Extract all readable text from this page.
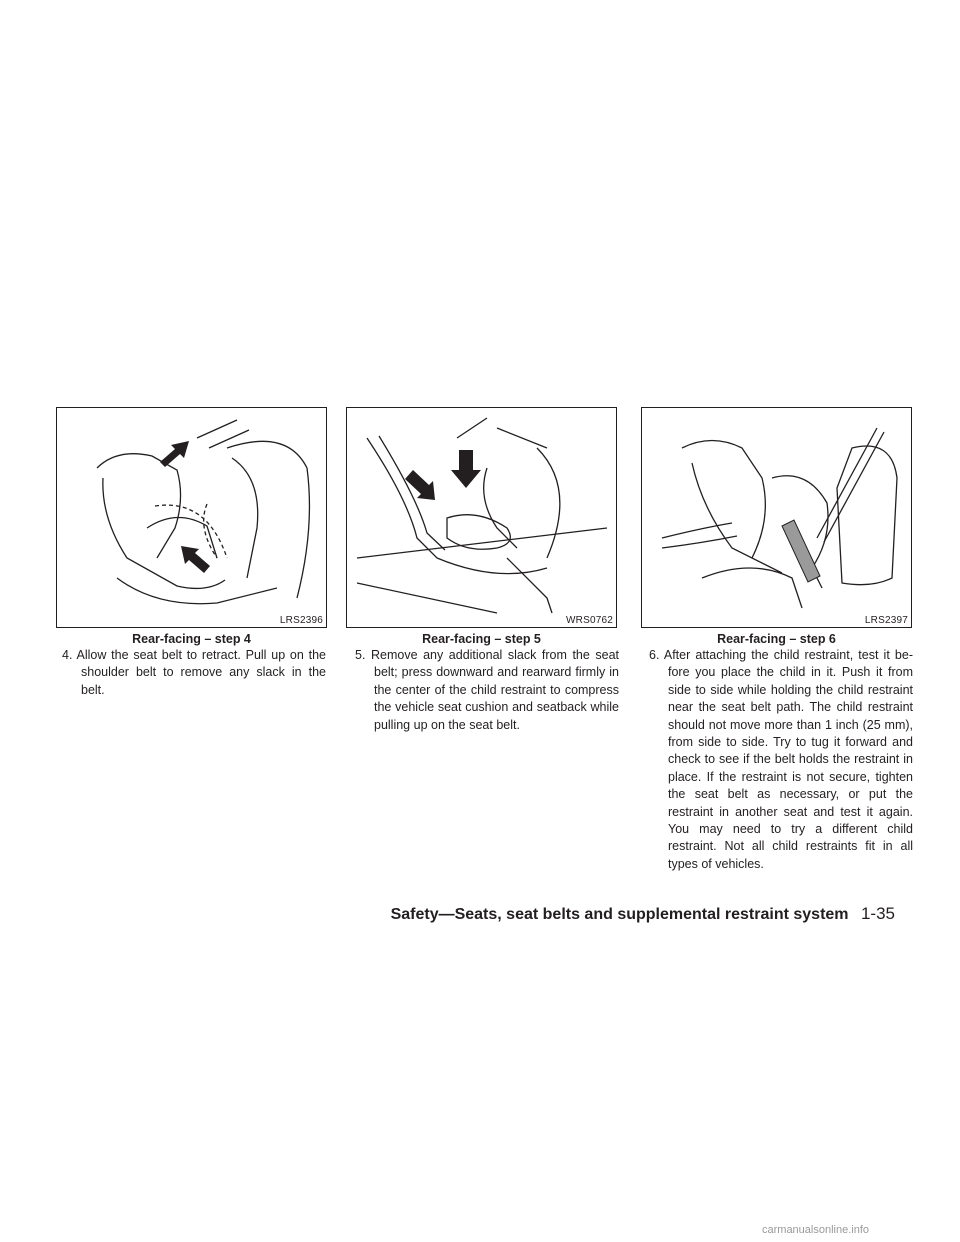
LRS2396
Rear-facing – step 4
WRS0762
Rear-facing – step 5
LRS2397
Rear-facing – step 6

4. Allow the seat belt to retract. Pull up on the shoulder belt to remove any slack in the belt.

5. Remove any additional slack from the seat belt; press downward and rearward firmly in the center of the child restraint to compress the vehicle seat cushion and seatback while pulling up on the seat belt.

6. After attaching the child restraint, test it be-fore you place the child in it. Push it from side to side while holding the child restraint near the seat belt path. The child restraint should not move more than 1 inch (25 mm), from side to side. Try to tug it forward and check to see if the belt holds the restraint in place. If the restraint is not secure, tighten the seat belt as necessary, or put the restraint in another seat and test it again. You may need to try a different child restraint. Not all child restraints fit in all types of vehicles.

Safety—Seats, seat belts and supplemental restraint system 1-35
carmanualsonline.info
